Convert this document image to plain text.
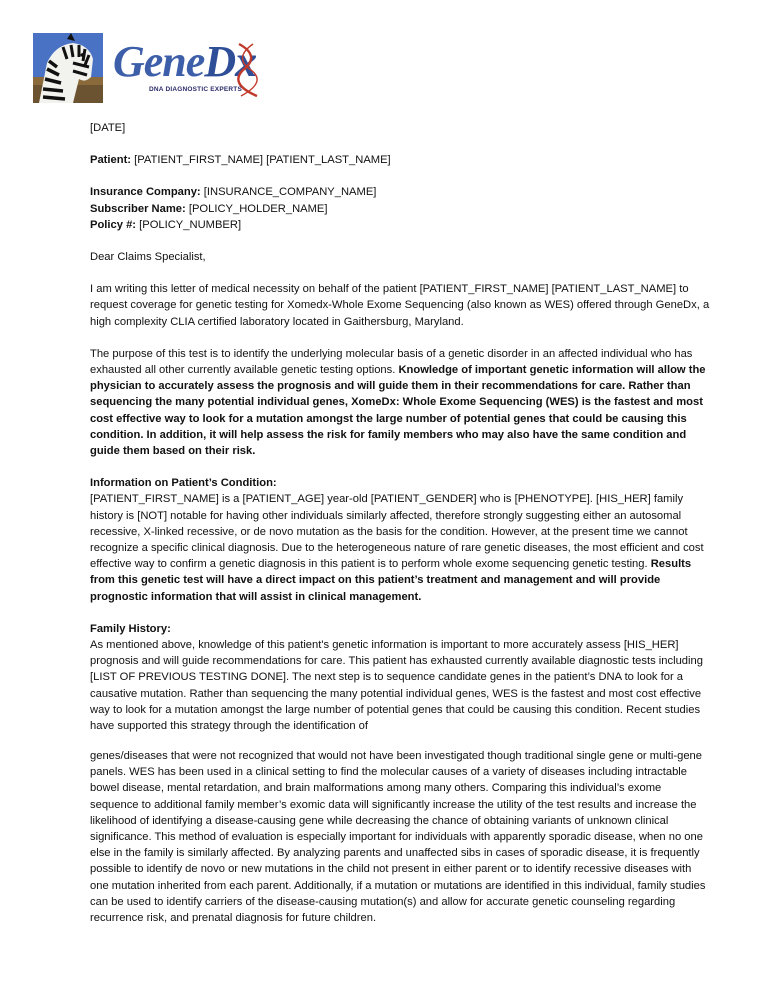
GeneDx
DNA DIAGNOSTIC EXPERTS

[DATE]

Patient: [PATIENT_FIRST_NAME] [PATIENT_LAST_NAME]

Insurance Company: [INSURANCE_COMPANY_NAME]

Subscriber Name: [POLICY_HOLDER_NAME]

Policy #: [POLICY_NUMBER]

Dear Claims Specialist,

I am writing this letter of medical necessity on behalf of the patient [PATIENT_FIRST_NAME] [PATIENT_LAST_NAME] to request coverage for genetic testing for Xomedx-Whole Exome Sequencing (also known as WES) offered through GeneDx, a high complexity CLIA certified laboratory located in Gaithersburg, Maryland.

The purpose of this test is to identify the underlying molecular basis of a genetic disorder in an affected individual who has exhausted all other currently available genetic testing options. Knowledge of important genetic information will allow the physician to accurately assess the prognosis and will guide them in their recommendations for care. Rather than sequencing the many potential individual genes, XomeDx: Whole Exome Sequencing (WES) is the fastest and most cost effective way to look for a mutation amongst the large number of potential genes that could be causing this condition. In addition, it will help assess the risk for family members who may also have the same condition and guide them based on their risk.

Information on Patient’s Condition:

[PATIENT_FIRST_NAME] is a [PATIENT_AGE] year-old [PATIENT_GENDER] who is [PHENOTYPE]. [HIS_HER] family history is [NOT] notable for having other individuals similarly affected, therefore strongly suggesting either an autosomal recessive, X-linked recessive, or de novo mutation as the basis for the condition. However, at the present time we cannot recognize a specific clinical diagnosis. Due to the heterogeneous nature of rare genetic diseases, the most efficient and cost effective way to confirm a genetic diagnosis in this patient is to perform whole exome sequencing genetic testing. Results from this genetic test will have a direct impact on this patient’s treatment and management and will provide prognostic information that will assist in clinical management.

Family History:

As mentioned above, knowledge of this patient's genetic information is important to more accurately assess [HIS_HER] prognosis and will guide recommendations for care. This patient has exhausted currently available diagnostic tests including [LIST OF PREVIOUS TESTING DONE]. The next step is to sequence candidate genes in the patient’s DNA to look for a causative mutation. Rather than sequencing the many potential individual genes, WES is the fastest and most cost effective way to look for a mutation amongst the large number of potential genes that could be causing this condition. Recent studies have supported this strategy through the identification of

genes/diseases that were not recognized that would not have been investigated though traditional single gene or multi-gene panels. WES has been used in a clinical setting to find the molecular causes of a variety of diseases including intractable bowel disease, mental retardation, and brain malformations among many others. Comparing this individual’s exome sequence to additional family member’s exomic data will significantly increase the utility of the test results and increase the likelihood of identifying a disease-causing gene while decreasing the chance of obtaining variants of unknown clinical significance. This method of evaluation is especially important for individuals with apparently sporadic disease, when no one else in the family is similarly affected. By analyzing parents and unaffected sibs in cases of sporadic disease, it is frequently possible to identify de novo or new mutations in the child not present in either parent or to identify recessive diseases with one mutation inherited from each parent. Additionally, if a mutation or mutations are identified in this individual, family studies can be used to identify carriers of the disease-causing mutation(s) and allow for accurate genetic counseling regarding recurrence risk, and prenatal diagnosis for future children.
